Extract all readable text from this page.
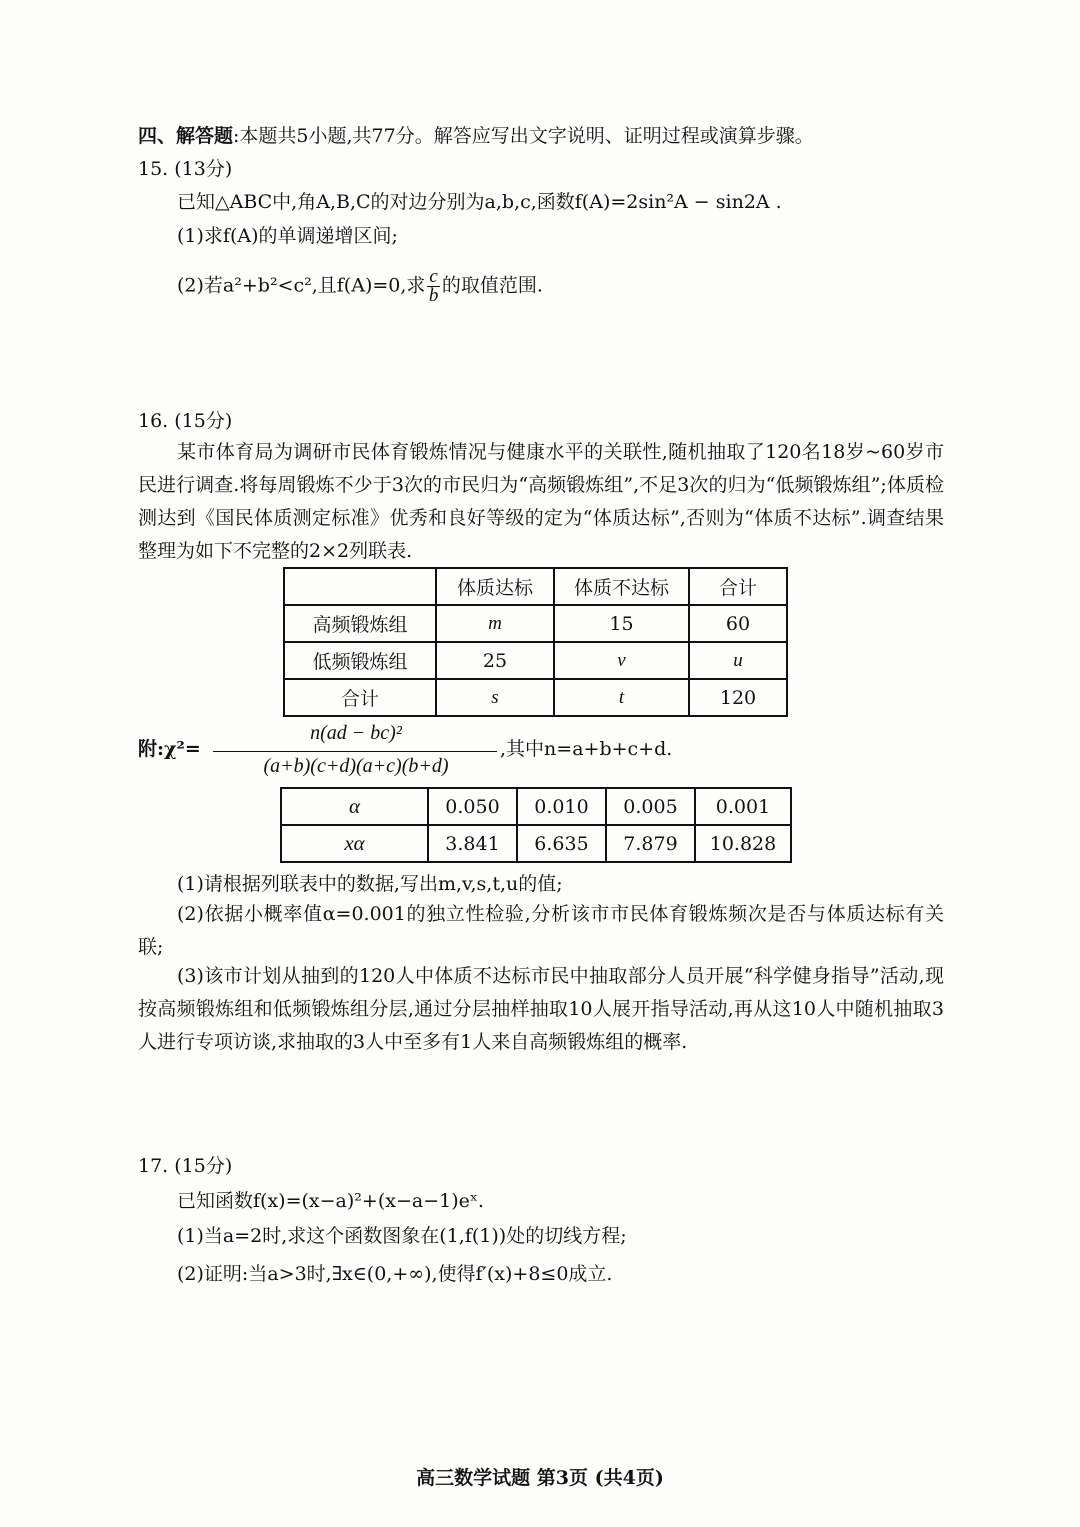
四、解答题:本题共5小题,共77分。解答应写出文字说明、证明过程或演算步骤。
15. (13分)
已知△ABC中,角A,B,C的对边分别为a,b,c,函数f(A)=2sin²A − sin2A .
(1)求f(A)的单调递增区间;
(2)若a²+b²<c²,且f(A)=0,求 $\frac{c}{b}$ 的取值范围.
16. (15分)
某市体育局为调研市民体育锻炼情况与健康水平的关联性,随机抽取了120名18岁~60岁市民进行调查.将每周锻炼不少于3次的市民归为“高频锻炼组”,不足3次的归为“低频锻炼组”;体质检测达到《国民体质测定标准》优秀和良好等级的定为“体质达标”,否则为“体质不达标”.调查结果整理为如下不完整的2×2列联表.
	体质达标	体质不达标	合计
高频锻炼组	m	15	60
低频锻炼组	25	v	u
合计	s	t	120
附:χ²=
n(ad − bc)²
(a+b)(c+d)(a+c)(b+d)
,其中n=a+b+c+d.
α	0.050	0.010	0.005	0.001
xα	3.841	6.635	7.879	10.828
(1)请根据列联表中的数据,写出m,v,s,t,u的值;
(2)依据小概率值α=0.001的独立性检验,分析该市市民体育锻炼频次是否与体质达标有关联;
(3)该市计划从抽到的120人中体质不达标市民中抽取部分人员开展“科学健身指导”活动,现按高频锻炼组和低频锻炼组分层,通过分层抽样抽取10人展开指导活动,再从这10人中随机抽取3人进行专项访谈,求抽取的3人中至多有1人来自高频锻炼组的概率.
17. (15分)
已知函数f(x)=(x−a)²+(x−a−1)eˣ.
(1)当a=2时,求这个函数图象在(1,f(1))处的切线方程;
(2)证明:当a>3时,∃x∈(0,+∞),使得f′(x)+8≤0成立.
高三数学试题 第3页 (共4页)
